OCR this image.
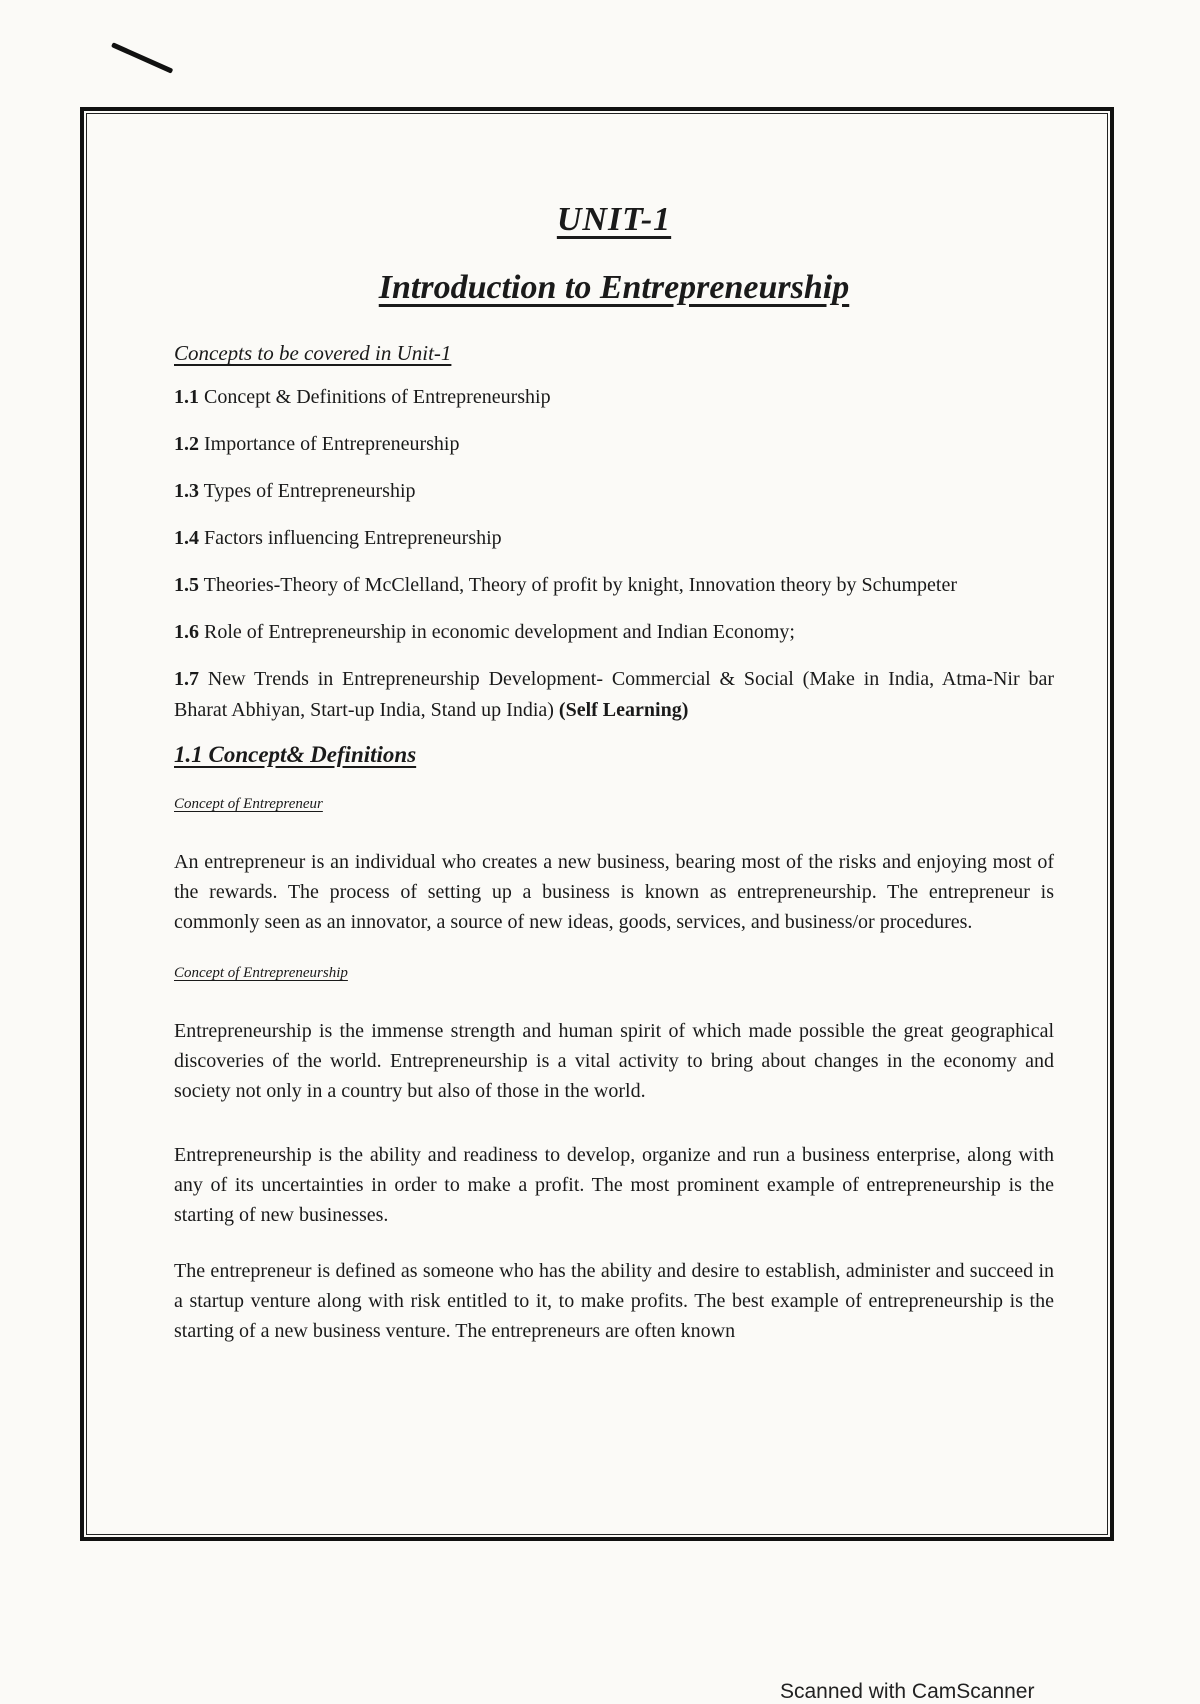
UNIT-1
Introduction to Entrepreneurship
Concepts to be covered in Unit-1
1.1 Concept & Definitions of Entrepreneurship
1.2 Importance of Entrepreneurship
1.3 Types of Entrepreneurship
1.4 Factors influencing Entrepreneurship
1.5 Theories-Theory of McClelland, Theory of profit by knight, Innovation theory by Schumpeter
1.6 Role of Entrepreneurship in economic development and Indian Economy;
1.7 New Trends in Entrepreneurship Development- Commercial & Social (Make in India, Atma-Nir bar Bharat Abhiyan, Start-up India, Stand up India) (Self Learning)
1.1 Concept& Definitions
Concept of Entrepreneur

An entrepreneur is an individual who creates a new business, bearing most of the risks and enjoying most of the rewards. The process of setting up a business is known as entrepreneurship. The entrepreneur is commonly seen as an innovator, a source of new ideas, goods, services, and business/or procedures.

Concept of Entrepreneurship

Entrepreneurship is the immense strength and human spirit of which made possible the great geographical discoveries of the world. Entrepreneurship is a vital activity to bring about changes in the economy and society not only in a country but also of those in the world.

Entrepreneurship is the ability and readiness to develop, organize and run a business enterprise, along with any of its uncertainties in order to make a profit. The most prominent example of entrepreneurship is the starting of new businesses.

The entrepreneur is defined as someone who has the ability and desire to establish, administer and succeed in a startup venture along with risk entitled to it, to make profits. The best example of entrepreneurship is the starting of a new business venture. The entrepreneurs are often known

Scanned with CamScanner
